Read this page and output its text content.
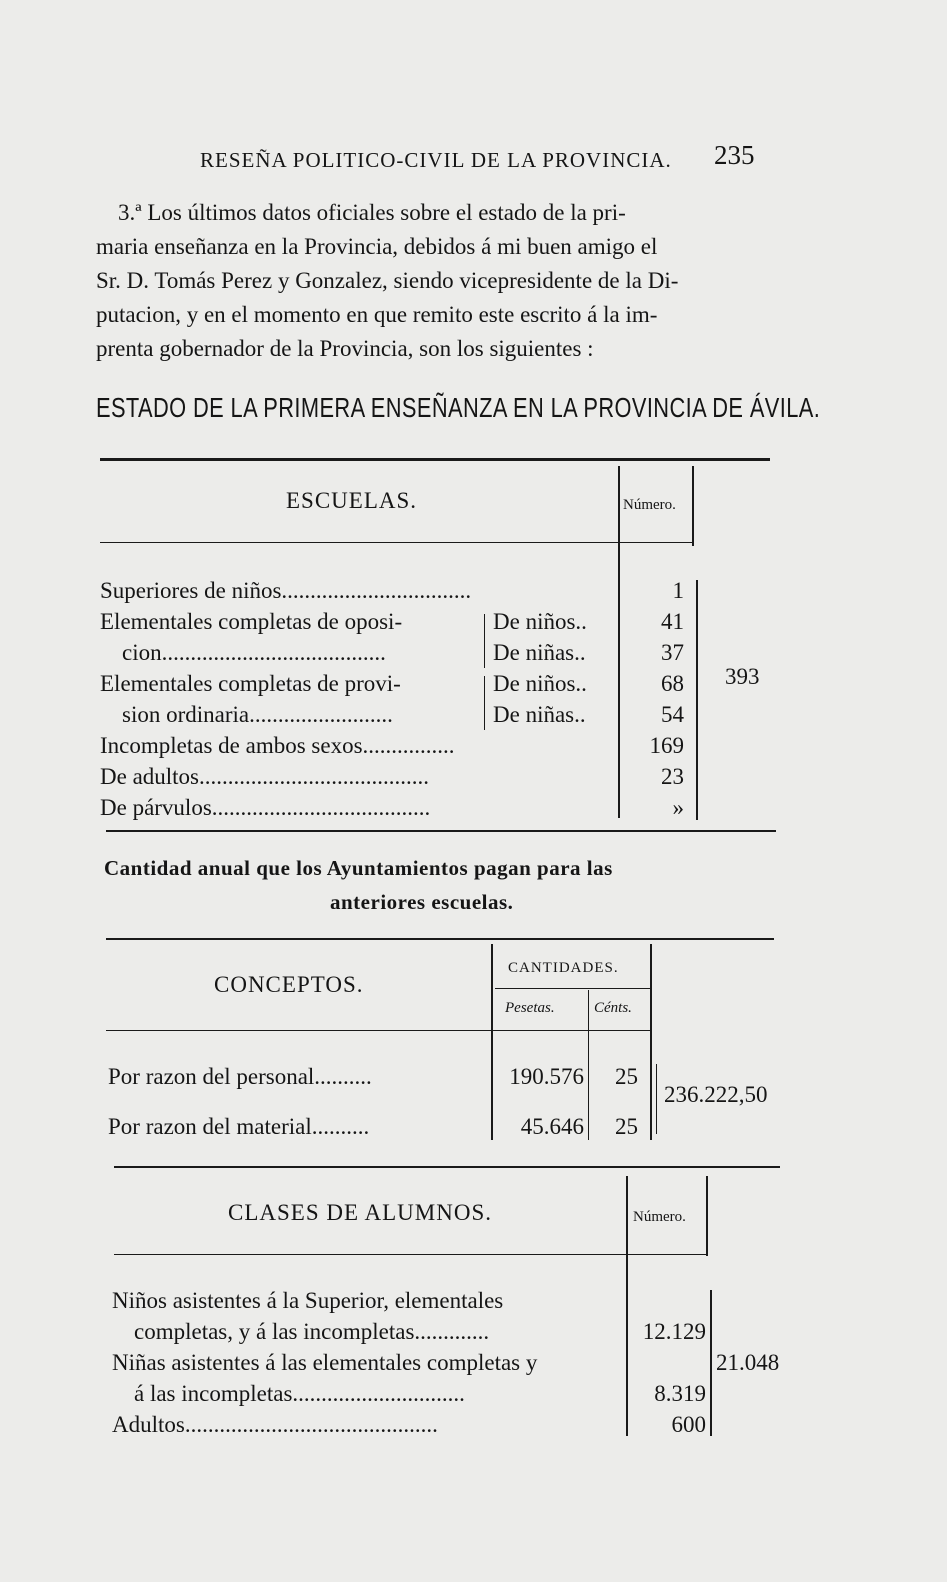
RESEÑA POLITICO-CIVIL DE LA PROVINCIA. 235
3.ª Los últimos datos oficiales sobre el estado de la pri-
maria enseñanza en la Provincia, debidos á mi buen amigo el
Sr. D. Tomás Perez y Gonzalez, siendo vicepresidente de la Di-
putacion, y en el momento en que remito este escrito á la im-
prenta gobernador de la Provincia, son los siguientes :
ESTADO DE LA PRIMERA ENSEÑANZA EN LA PROVINCIA DE ÁVILA.
ESCUELAS.	Número.
Superiores de niños.................................	1
Elementales completas de oposi-	De niños..	41
cion.......................................	De niñas..	37
Elementales completas de provi-	De niños..	68
sion ordinaria.........................	De niñas..	54
Incompletas de ambos sexos................	169
De adultos........................................	23
De párvulos......................................	»
393
Cantidad anual que los Ayuntamientos pagan para las
anteriores escuelas.
CONCEPTOS.
CANTIDADES.
Pesetas.	Cénts.
Por razon del personal..........	190.576	25
Por razon del material..........	45.646	25
236.222,50
CLASES DE ALUMNOS.	Número.
Niños asistentes á la Superior, elementales
completas, y á las incompletas.............	12.129
Niñas asistentes á las elementales completas y
á las incompletas..............................	8.319
Adultos............................................	600
21.048
